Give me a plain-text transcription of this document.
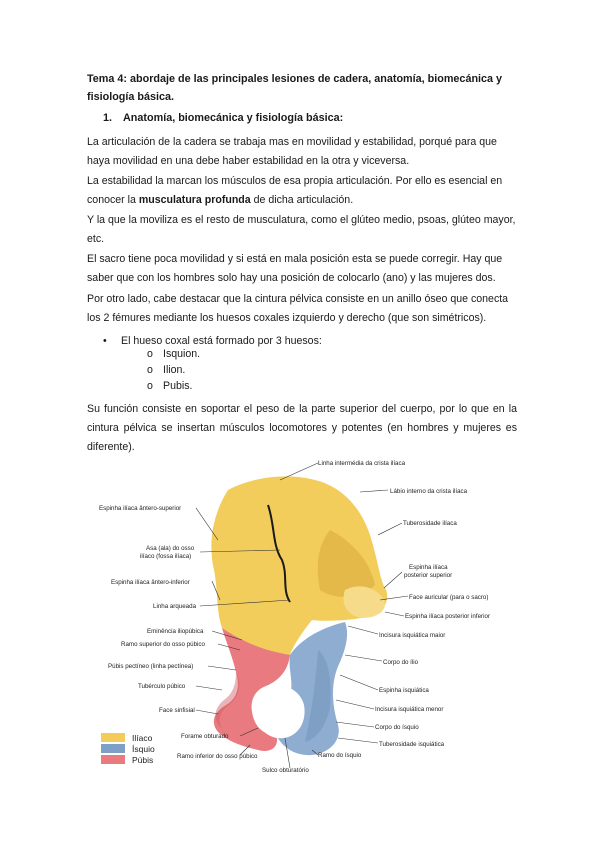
Tema 4: abordaje de las principales lesiones de cadera, anatomía, biomecánica y fisiología básica.
1. Anatomía, biomecánica y fisiología básica:
La articulación de la cadera se trabaja mas en movilidad y estabilidad, porqué para que haya movilidad en una debe haber estabilidad en la otra y viceversa.
La estabilidad la marcan los músculos de esa propia articulación. Por ello es esencial en conocer la musculatura profunda de dicha articulación.
Y la que la moviliza es el resto de musculatura, como el glúteo medio, psoas, glúteo mayor, etc.
El sacro tiene poca movilidad y si está en mala posición esta se puede corregir. Hay que saber que con los hombres solo hay una posición de colocarlo (ano) y las mujeres dos.
Por otro lado, cabe destacar que la cintura pélvica consiste en un anillo óseo que conecta los 2 fémures mediante los huesos coxales izquierdo y derecho (que son simétricos).
• El hueso coxal está formado por 3 huesos:
o Isquion.
o Ilion.
o Pubis.
Su función consiste en soportar el peso de la parte superior del cuerpo, por lo que en la cintura pélvica se insertan músculos locomotores y potentes (en hombres y mujeres es diferente).
Linha intermédia da crista ilíaca
Lábio interno da crista ilíaca
Tuberosidade ilíaca
Espinha ilíaca
posterior superior
Face auricular (para o sacro)
Espinha ilíaca posterior inferior
Incisura isquiática maior
Corpo do ílio
Espinha isquiática
Incisura isquiática menor
Corpo do ísquio
Tuberosidade isquiática
Ramo do ísquio
Sulco obturatório
Ramo inferior do osso púbico
Forame obturado
Face sinfisial
Tubérculo púbico
Púbis pectíneo (linha pectínea)
Ramo superior do osso púbico
Eminência iliopúbica
Linha arqueada
Espinha ilíaca ântero-inferior
Asa (ala) do osso
ilíaco (fossa ilíaca)
Espinha ilíaca ântero-superior
Ilíaco
Ísquio
Púbis
